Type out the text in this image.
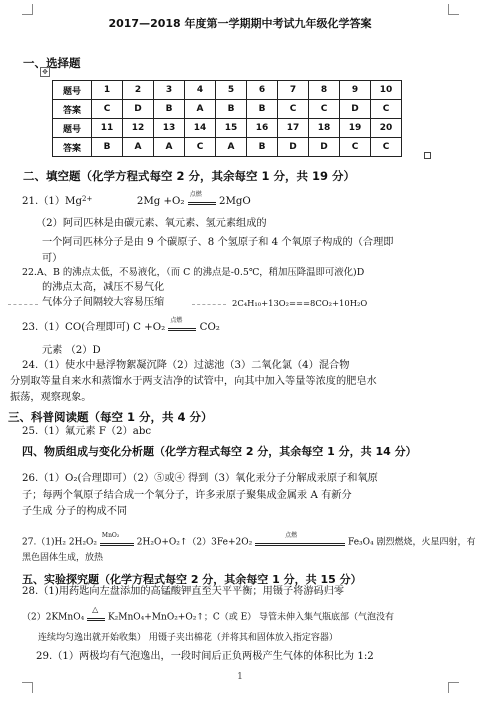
2017—2018 年度第一学期期中考试九年级化学答案
一、选择题
✥
题号	1	2	3	4	5	6	7	8	9	10
答案	C	D	B	A	B	B	C	C	D	C
题号	11	12	13	14	15	16	17	18	19	20
答案	B	A	A	C	A	B	D	D	C	C
二、填空题（化学方程式每空 2 分，其余每空 1 分，共 19 分）
$21.(1)Mg^{2+}$	2Mg +O₂
点燃
2MgO
（2）阿司匹林是由碳元素、氧元素、氢元素组成的
一个阿司匹林分子是由 9 个碳原子、8 个氢原子和 4 个氧原子构成的（合理即
可）
22.A、B 的沸点太低，不易液化，（而 C 的沸点是-0.5℃，稍加压降温即可液化)D
的沸点太高，减压不易气化
气体分子间隔较大容易压缩	2C₄H₁₀+13O₂===8CO₂+10H₂O
23.（1）CO(合理即可) C +O₂
点燃
CO₂
元素 （2）D
24.（1）使水中悬浮物絮凝沉降（2）过滤池（3）二氧化氯（4）混合物
分别取等量自来水和蒸馏水于两支洁净的试管中，向其中加入等量等浓度的肥皂水
振荡，观察现象。
三、科普阅读题（每空 1 分，共 4 分）
25.（1）氟元素 F（2）abc
四、物质组成与变化分析题（化学方程式每空 2 分，其余每空 1 分，共 14 分）
26.（1）O₂(合理即可）（2）⑤或④ 得到（3）氧化汞分子分解成汞原子和氧原
子；每两个氧原子结合成一个氧分子，许多汞原子聚集成金属汞 A 有新分
子生成 分子的构成不同
27.（1)H₂ 2H₂O₂
MnO₂
2H₂O+O₂↑（2）3Fe+2O₂
点燃
Fe₃O₄ 剧烈燃烧，火星四射，有
黑色固体生成，放热
五、实验探究题（化学方程式每空 2 分，其余每空 1 分，共 15 分）
28.（1)用药匙向左盘添加的高锰酸钾直至天平平衡；用镊子将游码归零
（2）2KMnO₄
△
K₂MnO₄+MnO₂+O₂↑；C（或 E） 导管未伸入集气瓶底部（气泡没有
连续均匀逸出就开始收集） 用镊子夹出棉花（并将其和固体放入指定容器）
29.（1）两极均有气泡逸出，一段时间后正负两极产生气体的体积比为 1:2
1
